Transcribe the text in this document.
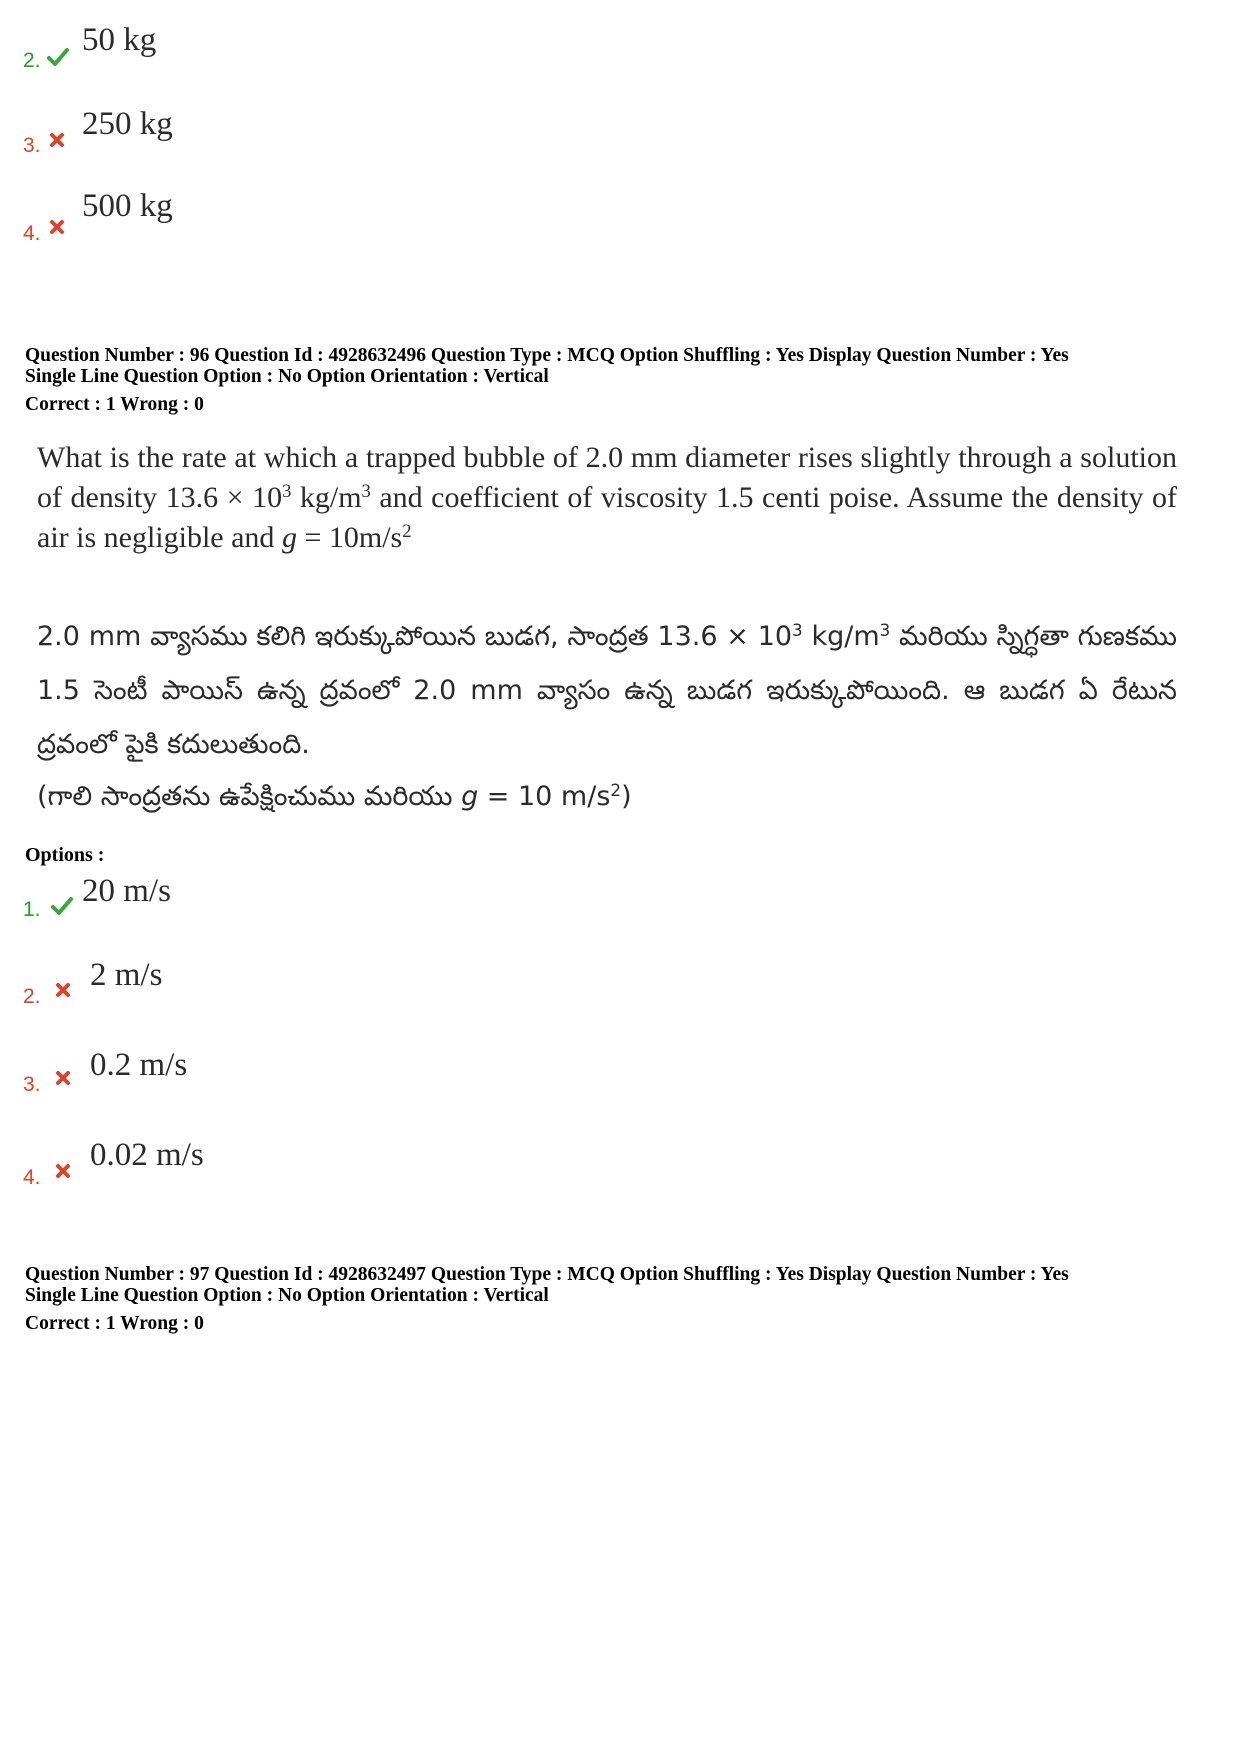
2.
50 kg
3.
250 kg
4.
500 kg
Question Number : 96 Question Id : 4928632496 Question Type : MCQ Option Shuffling : Yes Display Question Number : Yes
Single Line Question Option : No Option Orientation : Vertical
Correct : 1 Wrong : 0
What is the rate at which a trapped bubble of 2.0 mm diameter rises slightly through a solution of density $13.6 \times 10^3$ $kg/m^3$ and coefficient of viscosity 1.5 centi poise. Assume the density of air is negligible and $g = 10m/s^2$
2.0 mm వ్యాసము కలిగి ఇరుక్కుపోయిన బుడగ, సాంద్రత $13.6 \times 10^3$ $kg/m^3$ మరియు స్నిగ్ధతా గుణకము 1.5 సెంటీ పాయిస్ ఉన్న ద్రవంలో 2.0 mm వ్యాసం ఉన్న బుడగ ఇరుక్కుపోయింది. ఆ బుడగ ఏ రేటున ద్రవంలో పైకి కదులుతుంది.
(గాలి సాంద్రతను ఉపేక్షించుము మరియు g = 10 $m/s^2$)
Options :
1.
20 m/s
2.
2 m/s
3.
0.2 m/s
4.
0.02 m/s
Question Number : 97 Question Id : 4928632497 Question Type : MCQ Option Shuffling : Yes Display Question Number : Yes
Single Line Question Option : No Option Orientation : Vertical
Correct : 1 Wrong : 0
